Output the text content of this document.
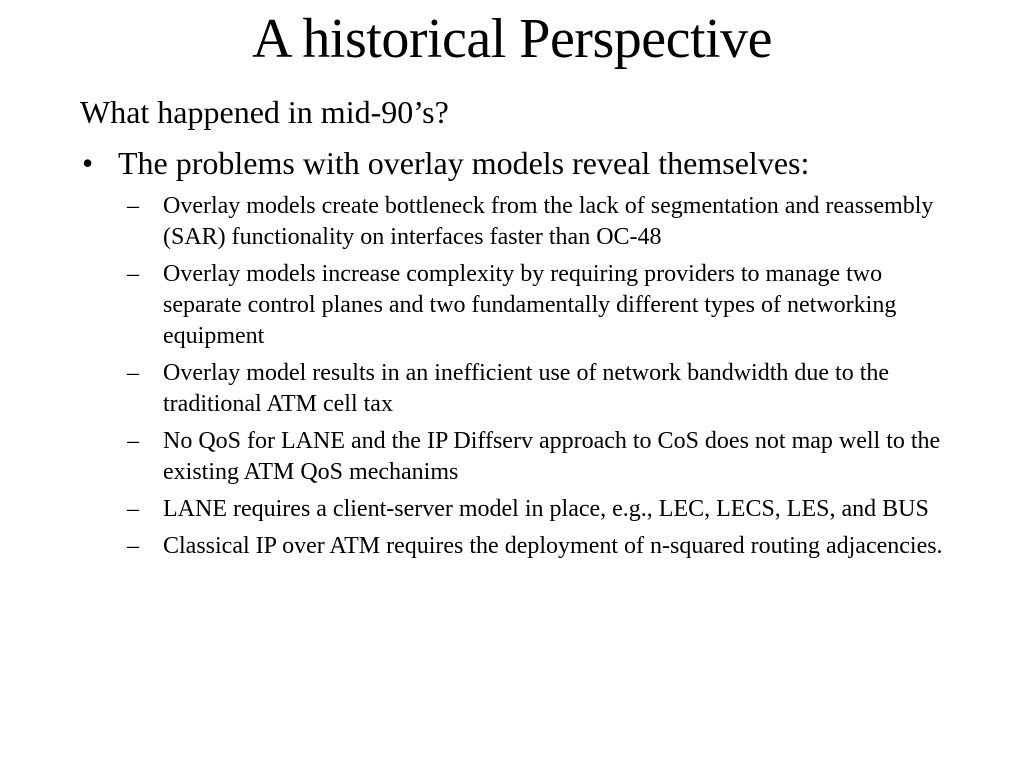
A historical Perspective

What happened in mid-90’s?

• The problems with overlay models reveal themselves:
–	Overlay models create bottleneck from the lack of segmentation and reassembly (SAR) functionality on interfaces faster than OC-48
–	Overlay models increase complexity by requiring providers to manage two separate control planes and two fundamentally different types of networking equipment
–	Overlay model results in an inefficient use of network bandwidth due to the traditional ATM cell tax
–	No QoS for LANE and the IP Diffserv approach to CoS does not map well to the existing ATM QoS mechanims
–	LANE requires a client-server model in place, e.g., LEC, LECS, LES, and BUS
–	Classical IP over ATM requires the deployment of n-squared routing adjacencies.
